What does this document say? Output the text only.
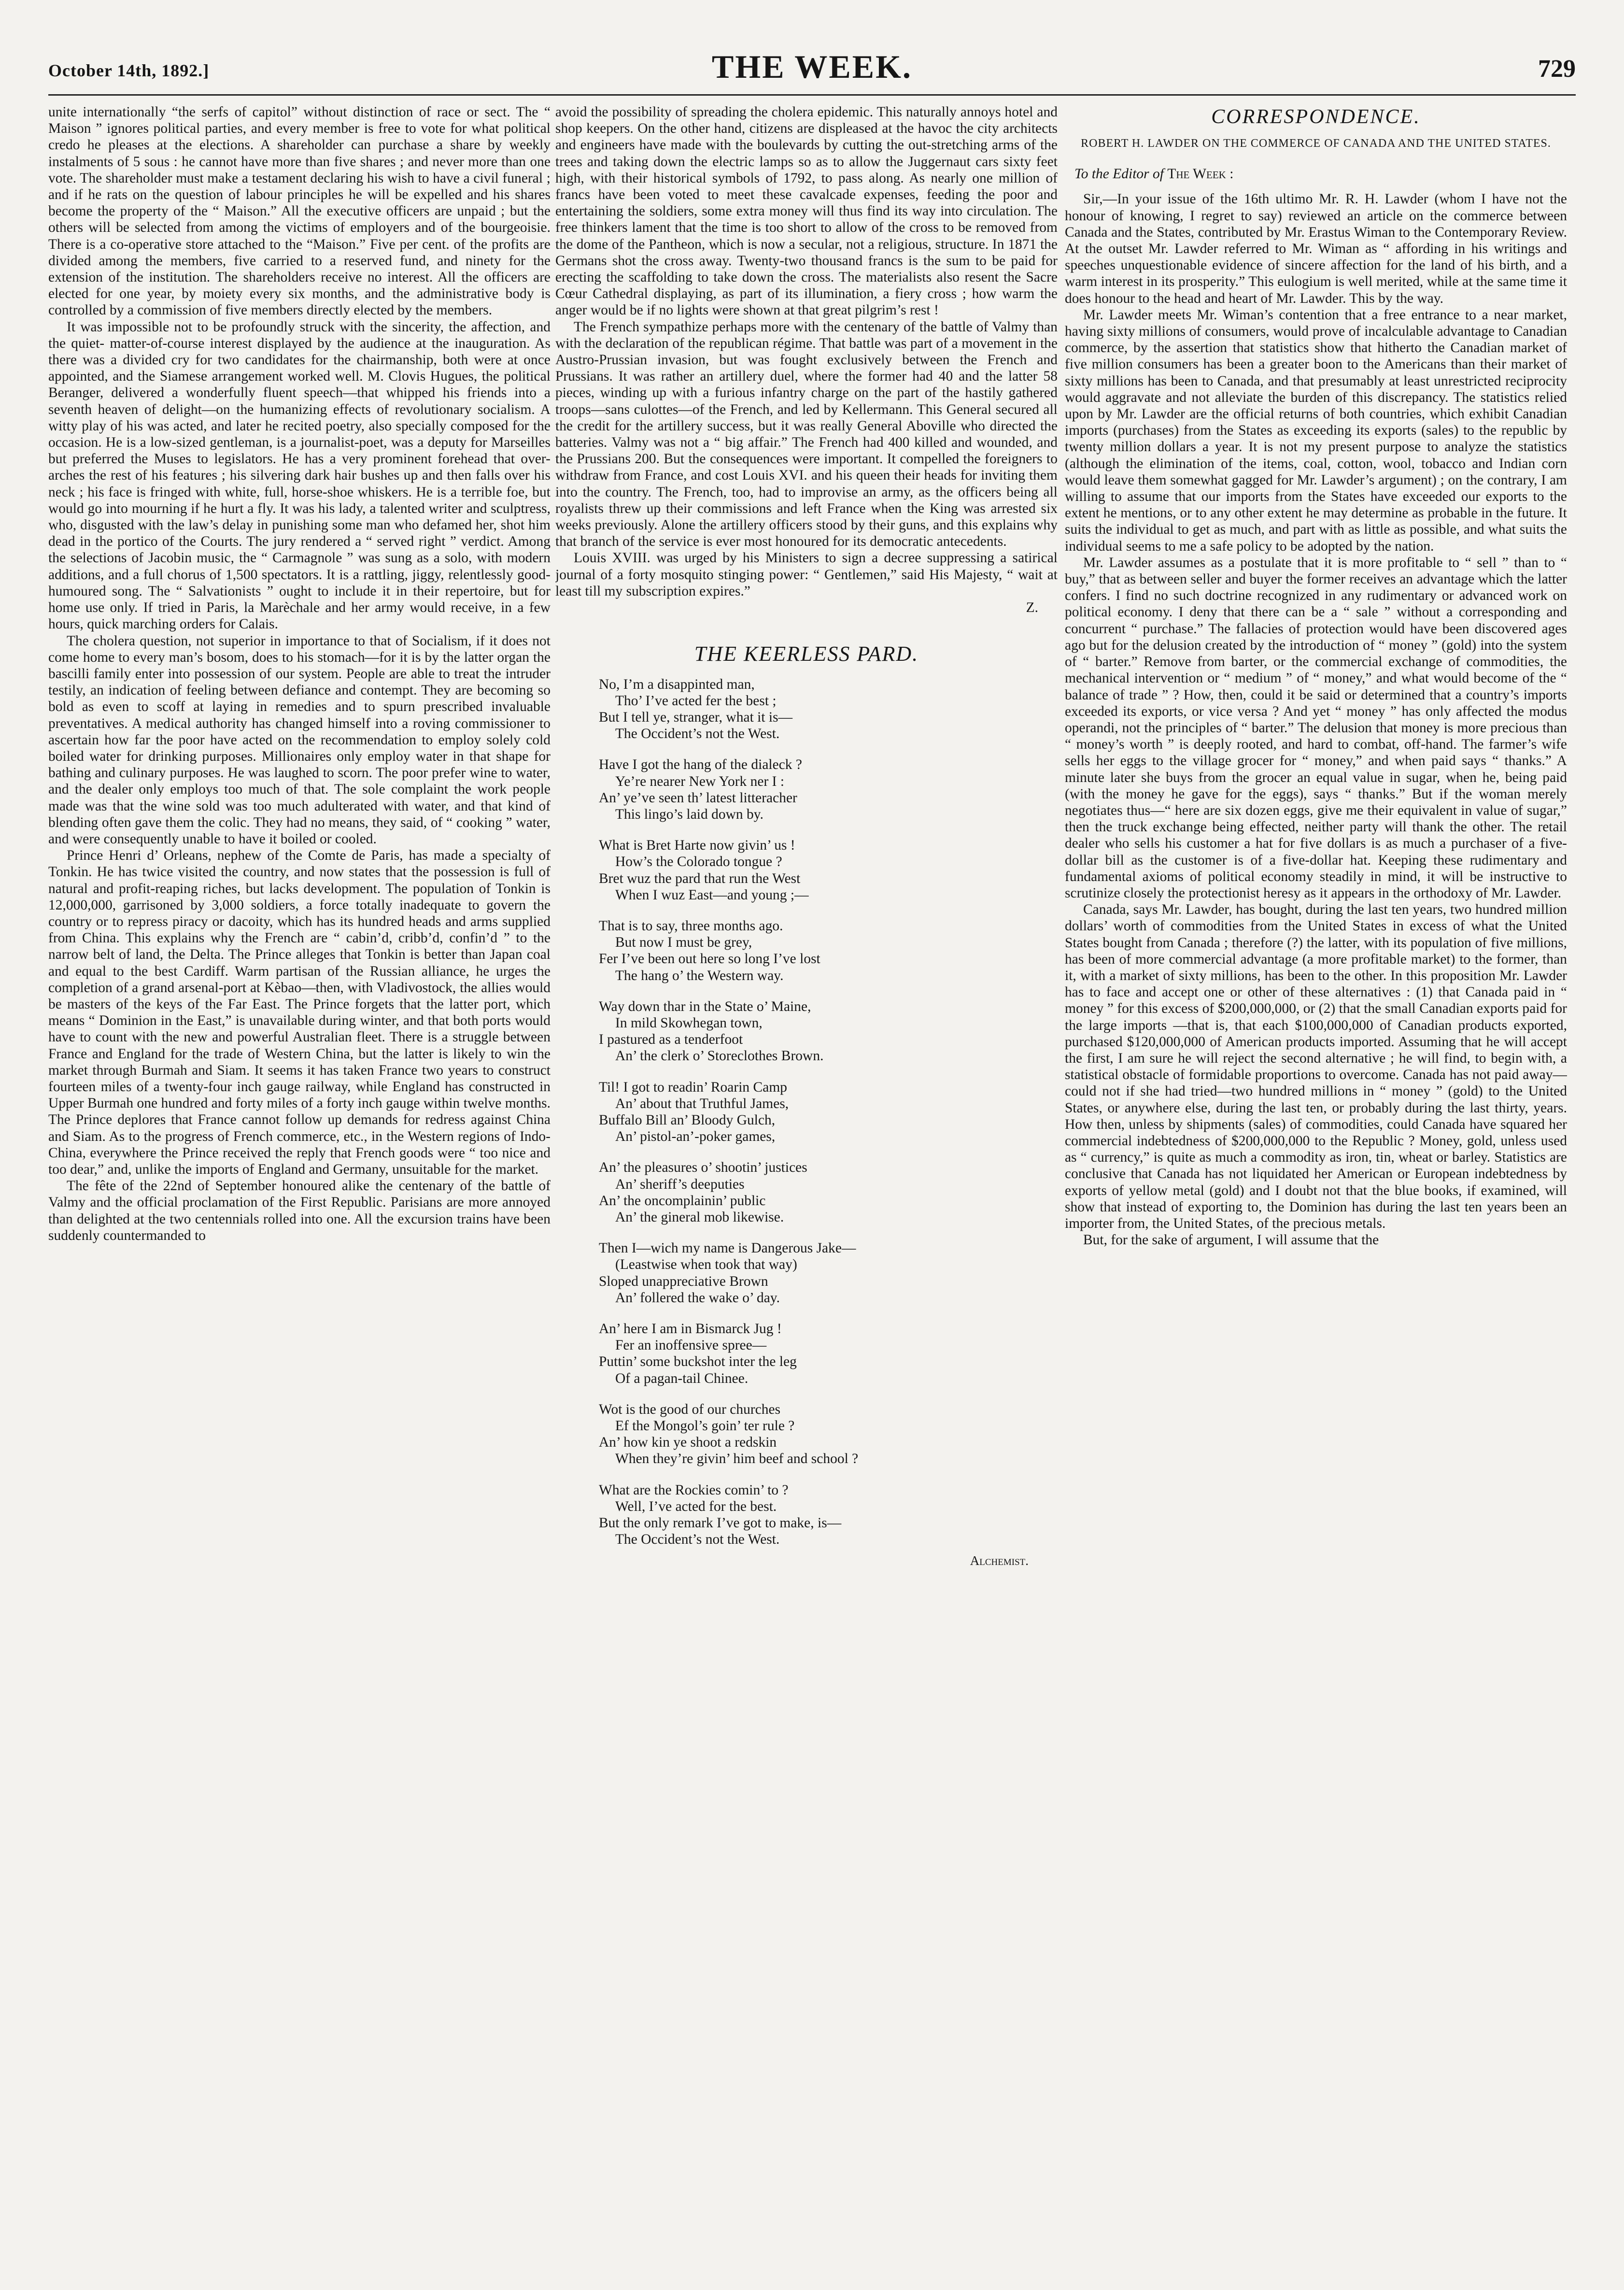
October 14th, 1892.]	THE WEEK.	729

unite internationally “the serfs of capitol” without distinction of race or sect. The “ Maison ” ignores political parties, and every member is free to vote for what political credo he pleases at the elections. A shareholder can purchase a share by weekly instalments of 5 sous : he cannot have more than five shares ; and never more than one vote. The shareholder must make a testament declaring his wish to have a civil funeral ; and if he rats on the question of labour principles he will be expelled and his shares become the property of the “ Maison.” All the executive officers are unpaid ; but the others will be selected from among the victims of employers and of the bourgeoisie. There is a co-operative store attached to the “Maison.” Five per cent. of the profits are divided among the members, five carried to a reserved fund, and ninety for the extension of the institution. The shareholders receive no interest. All the officers are elected for one year, by moiety every six months, and the administrative body is controlled by a commission of five members directly elected by the members.

It was impossible not to be profoundly struck with the sincerity, the affection, and the quiet- matter-of-course interest displayed by the audience at the inauguration. As there was a divided cry for two candidates for the chairmanship, both were at once appointed, and the Siamese arrangement worked well. M. Clovis Hugues, the political Beranger, delivered a wonderfully fluent speech—that whipped his friends into a seventh heaven of delight—on the humanizing effects of revolutionary socialism. A witty play of his was acted, and later he recited poetry, also specially composed for the occasion. He is a low-sized gentleman, is a journalist-poet, was a deputy for Marseilles but preferred the Muses to legislators. He has a very prominent forehead that over-arches the rest of his features ; his silvering dark hair bushes up and then falls over his neck ; his face is fringed with white, full, horse-shoe whiskers. He is a terrible foe, but would go into mourning if he hurt a fly. It was his lady, a talented writer and sculptress, who, disgusted with the law’s delay in punishing some man who defamed her, shot him dead in the portico of the Courts. The jury rendered a “ served right ” verdict. Among the selections of Jacobin music, the “ Carmagnole ” was sung as a solo, with modern additions, and a full chorus of 1,500 spectators. It is a rattling, jiggy, relentlessly good-humoured song. The “ Salvationists ” ought to include it in their repertoire, but for home use only. If tried in Paris, la Marèchale and her army would receive, in a few hours, quick marching orders for Calais.

The cholera question, not superior in importance to that of Socialism, if it does not come home to every man’s bosom, does to his stomach—for it is by the latter organ the bascilli family enter into possession of our system. People are able to treat the intruder testily, an indication of feeling between defiance and contempt. They are becoming so bold as even to scoff at laying in remedies and to spurn prescribed invaluable preventatives. A medical authority has changed himself into a roving commissioner to ascertain how far the poor have acted on the recommendation to employ solely cold boiled water for drinking purposes. Millionaires only employ water in that shape for bathing and culinary purposes. He was laughed to scorn. The poor prefer wine to water, and the dealer only employs too much of that. The sole complaint the work people made was that the wine sold was too much adulterated with water, and that kind of blending often gave them the colic. They had no means, they said, of “ cooking ” water, and were consequently unable to have it boiled or cooled.

Prince Henri d’ Orleans, nephew of the Comte de Paris, has made a specialty of Tonkin. He has twice visited the country, and now states that the possession is full of natural and profit-reaping riches, but lacks development. The population of Tonkin is 12,000,000, garrisoned by 3,000 soldiers, a force totally inadequate to govern the country or to repress piracy or dacoity, which has its hundred heads and arms supplied from China. This explains why the French are “ cabin’d, cribb’d, confin’d ” to the narrow belt of land, the Delta. The Prince alleges that Tonkin is better than Japan coal and equal to the best Cardiff. Warm partisan of the Russian alliance, he urges the completion of a grand arsenal-port at Kèbao—then, with Vladivostock, the allies would be masters of the keys of the Far East. The Prince forgets that the latter port, which means “ Dominion in the East,” is unavailable during winter, and that both ports would have to count with the new and powerful Australian fleet. There is a struggle between France and England for the trade of Western China, but the latter is likely to win the market through Burmah and Siam. It seems it has taken France two years to construct fourteen miles of a twenty-four inch gauge railway, while England has constructed in Upper Burmah one hundred and forty miles of a forty inch gauge within twelve months. The Prince deplores that France cannot follow up demands for redress against China and Siam. As to the progress of French commerce, etc., in the Western regions of Indo-China, everywhere the Prince received the reply that French goods were “ too nice and too dear,” and, unlike the imports of England and Germany, unsuitable for the market.

The fête of the 22nd of September honoured alike the centenary of the battle of Valmy and the official proclamation of the First Republic. Parisians are more annoyed than delighted at the two centennials rolled into one. All the excursion trains have been suddenly countermanded to

avoid the possibility of spreading the cholera epidemic. This naturally annoys hotel and shop keepers. On the other hand, citizens are displeased at the havoc the city architects and engineers have made with the boulevards by cutting the out-stretching arms of the trees and taking down the electric lamps so as to allow the Juggernaut cars sixty feet high, with their historical symbols of 1792, to pass along. As nearly one million of francs have been voted to meet these cavalcade expenses, feeding the poor and entertaining the soldiers, some extra money will thus find its way into circulation. The free thinkers lament that the time is too short to allow of the cross to be removed from the dome of the Pantheon, which is now a secular, not a religious, structure. In 1871 the Germans shot the cross away. Twenty-two thousand francs is the sum to be paid for erecting the scaffolding to take down the cross. The materialists also resent the Sacre Cœur Cathedral displaying, as part of its illumination, a fiery cross ; how warm the anger would be if no lights were shown at that great pilgrim’s rest !

The French sympathize perhaps more with the centenary of the battle of Valmy than with the declaration of the republican régime. That battle was part of a movement in the Austro-Prussian invasion, but was fought exclusively between the French and Prussians. It was rather an artillery duel, where the former had 40 and the latter 58 pieces, winding up with a furious infantry charge on the part of the hastily gathered troops—sans culottes—of the French, and led by Kellermann. This General secured all the credit for the artillery success, but it was really General Aboville who directed the batteries. Valmy was not a “ big affair.” The French had 400 killed and wounded, and the Prussians 200. But the consequences were important. It compelled the foreigners to withdraw from France, and cost Louis XVI. and his queen their heads for inviting them into the country. The French, too, had to improvise an army, as the officers being all royalists threw up their commissions and left France when the King was arrested six weeks previously. Alone the artillery officers stood by their guns, and this explains why that branch of the service is ever most honoured for its democratic antecedents.

Louis XVIII. was urged by his Ministers to sign a decree suppressing a satirical journal of a forty mosquito stinging power: “ Gentlemen,” said His Majesty, “ wait at least till my subscription expires.”

Z.
THE KEERLESS PARD.
No, I’m a disappinted man,
Tho’ I’ve acted fer the best ;
But I tell ye, stranger, what it is—
The Occident’s not the West.
Have I got the hang of the dialeck ?
Ye’re nearer New York ner I :
An’ ye’ve seen th’ latest litteracher
This lingo’s laid down by.
What is Bret Harte now givin’ us !
How’s the Colorado tongue ?
Bret wuz the pard that run the West
When I wuz East—and young ;—
That is to say, three months ago.
But now I must be grey,
Fer I’ve been out here so long I’ve lost
The hang o’ the Western way.
Way down thar in the State o’ Maine,
In mild Skowhegan town,
I pastured as a tenderfoot
An’ the clerk o’ Storeclothes Brown.
Til! I got to readin’ Roarin Camp
An’ about that Truthful James,
Buffalo Bill an’ Bloody Gulch,
An’ pistol-an’-poker games,
An’ the pleasures o’ shootin’ justices
An’ sheriff’s deeputies
An’ the oncomplainin’ public
An’ the gineral mob likewise.
Then I—wich my name is Dangerous Jake—
(Leastwise when took that way)
Sloped unappreciative Brown
An’ follered the wake o’ day.
An’ here I am in Bismarck Jug !
Fer an inoffensive spree—
Puttin’ some buckshot inter the leg
Of a pagan-tail Chinee.
Wot is the good of our churches
Ef the Mongol’s goin’ ter rule ?
An’ how kin ye shoot a redskin
When they’re givin’ him beef and school ?
What are the Rockies comin’ to ?
Well, I’ve acted for the best.
But the only remark I’ve got to make, is—
The Occident’s not the West.
Alchemist.
CORRESPONDENCE.
ROBERT H. LAWDER ON THE COMMERCE OF CANADA AND THE UNITED STATES.
To the Editor of The Week :

Sir,—In your issue of the 16th ultimo Mr. R. H. Lawder (whom I have not the honour of knowing, I regret to say) reviewed an article on the commerce between Canada and the States, contributed by Mr. Erastus Wiman to the Contemporary Review. At the outset Mr. Lawder referred to Mr. Wiman as “ affording in his writings and speeches unquestionable evidence of sincere affection for the land of his birth, and a warm interest in its prosperity.” This eulogium is well merited, while at the same time it does honour to the head and heart of Mr. Lawder. This by the way.

Mr. Lawder meets Mr. Wiman’s contention that a free entrance to a near market, having sixty millions of consumers, would prove of incalculable advantage to Canadian commerce, by the assertion that statistics show that hitherto the Canadian market of five million consumers has been a greater boon to the Americans than their market of sixty millions has been to Canada, and that presumably at least unrestricted reciprocity would aggravate and not alleviate the burden of this discrepancy. The statistics relied upon by Mr. Lawder are the official returns of both countries, which exhibit Canadian imports (purchases) from the States as exceeding its exports (sales) to the republic by twenty million dollars a year. It is not my present purpose to analyze the statistics (although the elimination of the items, coal, cotton, wool, tobacco and Indian corn would leave them somewhat gagged for Mr. Lawder’s argument) ; on the contrary, I am willing to assume that our imports from the States have exceeded our exports to the extent he mentions, or to any other extent he may determine as probable in the future. It suits the individual to get as much, and part with as little as possible, and what suits the individual seems to me a safe policy to be adopted by the nation.

Mr. Lawder assumes as a postulate that it is more profitable to “ sell ” than to “ buy,” that as between seller and buyer the former receives an advantage which the latter confers. I find no such doctrine recognized in any rudimentary or advanced work on political economy. I deny that there can be a “ sale ” without a corresponding and concurrent “ purchase.” The fallacies of protection would have been discovered ages ago but for the delusion created by the introduction of “ money ” (gold) into the system of “ barter.” Remove from barter, or the commercial exchange of commodities, the mechanical intervention or “ medium ” of “ money,” and what would become of the “ balance of trade ” ? How, then, could it be said or determined that a country’s imports exceeded its exports, or vice versa ? And yet “ money ” has only affected the modus operandi, not the principles of “ barter.” The delusion that money is more precious than “ money’s worth ” is deeply rooted, and hard to combat, off-hand. The farmer’s wife sells her eggs to the village grocer for “ money,” and when paid says “ thanks.” A minute later she buys from the grocer an equal value in sugar, when he, being paid (with the money he gave for the eggs), says “ thanks.” But if the woman merely negotiates thus—“ here are six dozen eggs, give me their equivalent in value of sugar,” then the truck exchange being effected, neither party will thank the other. The retail dealer who sells his customer a hat for five dollars is as much a purchaser of a five-dollar bill as the customer is of a five-dollar hat. Keeping these rudimentary and fundamental axioms of political economy steadily in mind, it will be instructive to scrutinize closely the protectionist heresy as it appears in the orthodoxy of Mr. Lawder.

Canada, says Mr. Lawder, has bought, during the last ten years, two hundred million dollars’ worth of commodities from the United States in excess of what the United States bought from Canada ; therefore (?) the latter, with its population of five millions, has been of more commercial advantage (a more profitable market) to the former, than it, with a market of sixty millions, has been to the other. In this proposition Mr. Lawder has to face and accept one or other of these alternatives : (1) that Canada paid in “ money ” for this excess of $200,000,000, or (2) that the small Canadian exports paid for the large imports —that is, that each $100,000,000 of Canadian products exported, purchased $120,000,000 of American products imported. Assuming that he will accept the first, I am sure he will reject the second alternative ; he will find, to begin with, a statistical obstacle of formidable proportions to overcome. Canada has not paid away—could not if she had tried—two hundred millions in “ money ” (gold) to the United States, or anywhere else, during the last ten, or probably during the last thirty, years. How then, unless by shipments (sales) of commodities, could Canada have squared her commercial indebtedness of $200,000,000 to the Republic ? Money, gold, unless used as “ currency,” is quite as much a commodity as iron, tin, wheat or barley. Statistics are conclusive that Canada has not liquidated her American or European indebtedness by exports of yellow metal (gold) and I doubt not that the blue books, if examined, will show that instead of exporting to, the Dominion has during the last ten years been an importer from, the United States, of the precious metals.

But, for the sake of argument, I will assume that the
